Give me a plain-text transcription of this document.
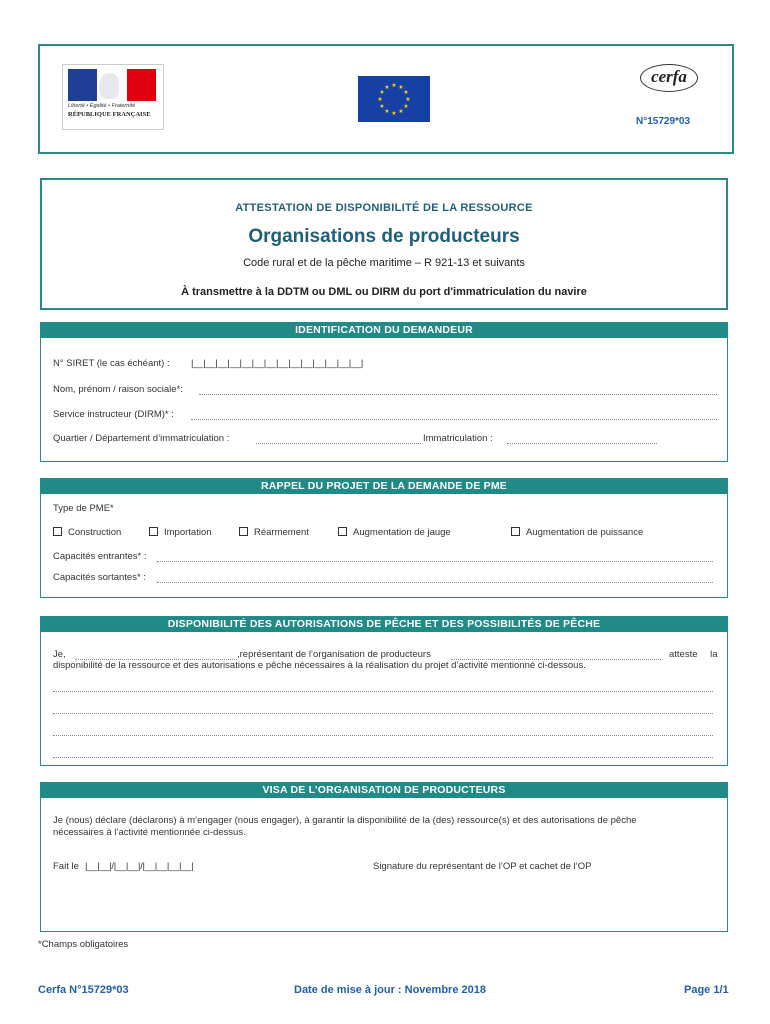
Liberté • Égalité • Fraternité
RÉPUBLIQUE FRANÇAISE
★ ★
★
★
★
★
★
★
★
★
★
★
cerfa
N°15729*03
ATTESTATION DE DISPONIBILITÉ DE LA RESSOURCE
Organisations de producteurs
Code rural et de la pêche maritime – R 921-13 et suivants
À transmettre à la DDTM ou DML ou DIRM du port d'immatriculation du navire
IDENTIFICATION DU DEMANDEUR
N° SIRET (le cas échéant) : |__|__|__|__|__|__|__|__|__|__|__|__|__|__|
Nom, prénom / raison sociale*:
Service instructeur (DIRM)* :
Quartier / Département d’immatriculation :	Immatriculation :
RAPPEL DU PROJET DE LA DEMANDE DE PME
Type de PME*
Construction	Importation	Réarmement	Augmentation de jauge	Augmentation de puissance
Capacités entrantes* :
Capacités sortantes* :
DISPONIBILITÉ DES AUTORISATIONS DE PÊCHE ET DES POSSIBILITÉS DE PÊCHE
Je,	,représentant de l’organisation de producteurs	atteste la
disponibilité de la ressource et des autorisations e pêche nécessaires à la réalisation du projet d’activité mentionné ci-dessous.
VISA DE L’ORGANISATION DE PRODUCTEURS
Je (nous) déclare (déclarons) à m’engager (nous engager), à garantir la disponibilité de la (des) ressource(s) et des autorisations de pêche
nécessaires à l’activité mentionnée ci-dessus.
Fait le |__|__|/|__|__|/|__|__|__|__|	Signature du représentant de l’OP et cachet de l’OP
*Champs obligatoires
Cerfa N°15729*03	Date de mise à jour : Novembre 2018	Page 1/1
